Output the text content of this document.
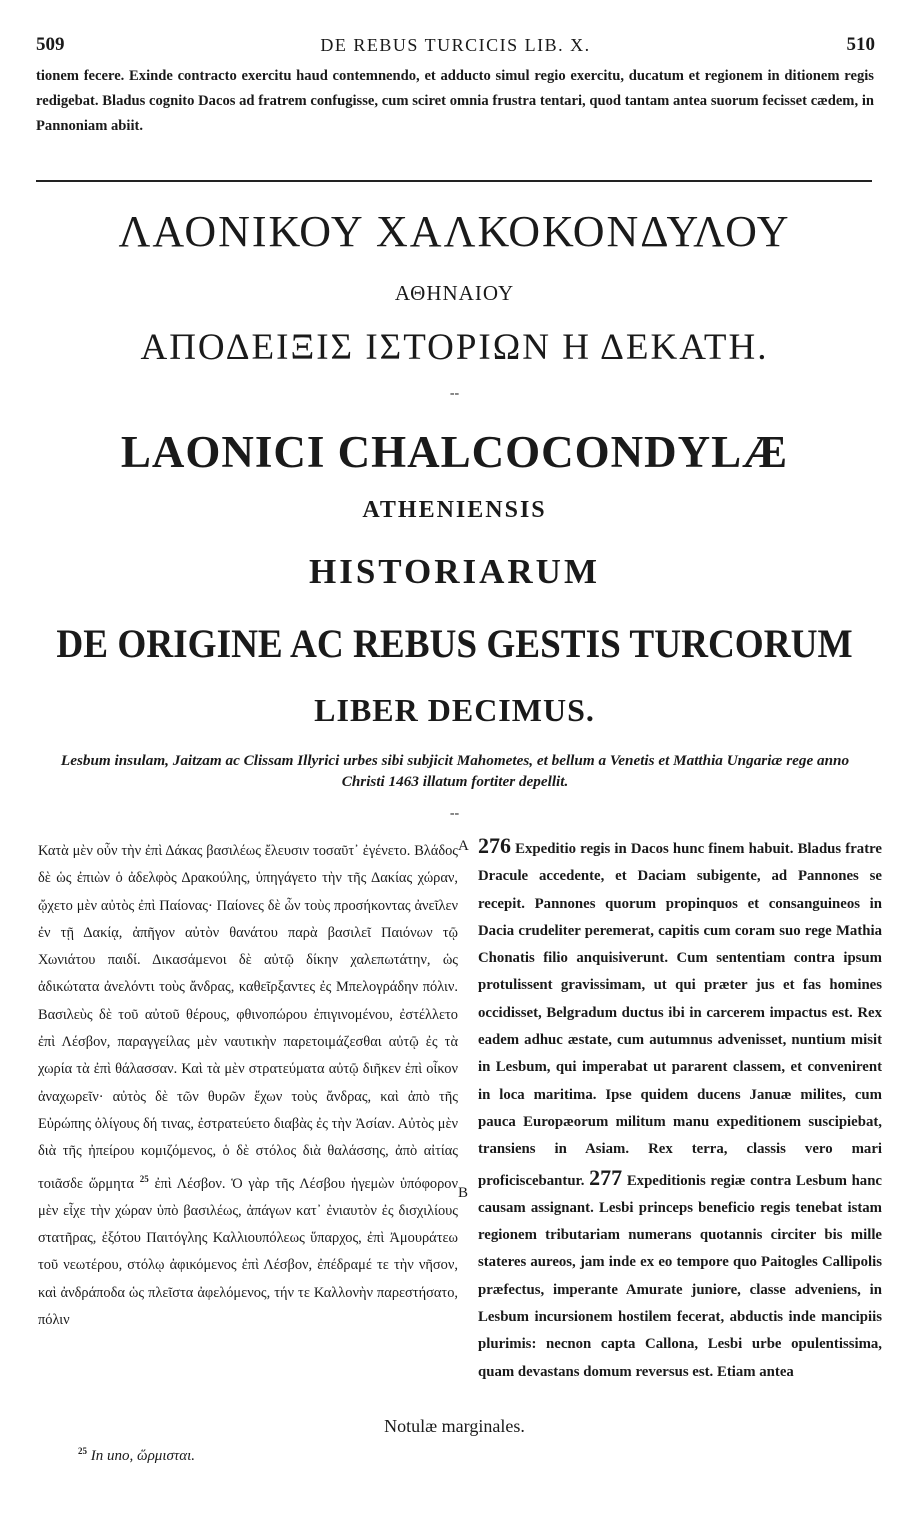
509	DE REBUS TURCICIS LIB. X.	510

tionem fecere. Exinde contracto exercitu haud contemnendo, et adducto simul regio exercitu, ducatum et regionem in ditionem regis redigebat. Bladus cognito Dacos ad fratrem confugisse, cum sciret omnia frustra tentari, quod tantam antea suorum fecisset cædem, in Pannoniam abiit.

ΛΑΟΝΙΚΟΥ ΧΑΛΚΟΚΟΝΔΥΛΟΥ
ΑΘΗΝΑΙΟΥ
ΑΠΟΔΕΙΞΙΣ ΙΣΤΟΡΙΩΝ Η ΔΕΚΑΤΗ.
--
LAONICI CHALCOCONDYLÆ
ATHENIENSIS
HISTORIARUM
DE ORIGINE AC REBUS GESTIS TURCORUM
LIBER DECIMUS.

Lesbum insulam, Jaitzam ac Clissam Illyrici urbes sibi subjicit Mahometes, et bellum a Venetis et Matthia Ungariæ rege anno Christi 1463 illatum fortiter depellit.

--

Κατὰ μὲν οὖν τὴν ἐπὶ Δάκας βασιλέως ἔλευσιν τοσαῦτ᾽ ἐγένετο. Βλάδος δὲ ὡς ἐπιὼν ὁ ἀδελφὸς Δρακούλης, ὑπηγάγετο τὴν τῆς Δακίας χώραν, ᾤχετο μὲν αὐτὸς ἐπὶ Παίονας· Παίονες δὲ ὧν τοὺς προσήκοντας ἀνεῖλεν ἐν τῇ Δακίᾳ, ἀπῆγον αὐτὸν θανάτου παρὰ βασιλεῖ Παιόνων τῷ Χωνιάτου παιδί. Δικασάμενοι δὲ αὐτῷ δίκην χαλεπωτάτην, ὡς ἀδικώτατα ἀνελόντι τοὺς ἄνδρας, καθεῖρξαντες ἐς Μπελογράδην πόλιν. Βασιλεὺς δὲ τοῦ αὐτοῦ θέρους, φθινοπώρου ἐπιγινομένου, ἐστέλλετο ἐπὶ Λέσβον, παραγγείλας μὲν ναυτικὴν παρετοιμάζεσθαι αὐτῷ ἐς τὰ χωρία τὰ ἐπὶ θάλασσαν. Καὶ τὰ μὲν στρατεύματα αὐτῷ διῆκεν ἐπὶ οἶκον ἀναχωρεῖν· αὐτὸς δὲ τῶν θυρῶν ἔχων τοὺς ἄνδρας, καὶ ἀπὸ τῆς Εὐρώπης ὀλίγους δή τινας, ἐστρατεύετο διαβὰς ἐς τὴν Ἀσίαν. Αὐτὸς μὲν διὰ τῆς ἠπείρου κομιζόμενος, ὁ δὲ στόλος διὰ θαλάσσης, ἀπὸ αἰτίας τοιᾶσδε ὥρμητα $^{25}$ ἐπὶ Λέσβον. Ὁ γὰρ τῆς Λέσβου ἡγεμὼν ὑπόφορον μὲν εἶχε τὴν χώραν ὑπὸ βασιλέως, ἀπάγων κατ᾽ ἐνιαυτὸν ἐς δισχιλίους στατῆρας, ἐξότου Παιτόγλης Καλλιουπόλεως ὕπαρχος, ἐπὶ Ἀμουράτεω τοῦ νεωτέρου, στόλῳ ἀφικόμενος ἐπὶ Λέσβον, ἐπέδραμέ τε τὴν νῆσον, καὶ ἀνδράποδα ὡς πλεῖστα ἀφελόμενος, τήν τε Καλλονὴν παρεστήσατο, πόλιν

A
B

276 Expeditio regis in Dacos hunc finem habuit. Bladus fratre Dracule accedente, et Daciam subigente, ad Pannones se recepit. Pannones quorum propinquos et consanguineos in Dacia crudeliter peremerat, capitis cum coram suo rege Mathia Chonatis filio anquisiverunt. Cum sententiam contra ipsum protulissent gravissimam, ut qui præter jus et fas homines occidisset, Belgradum ductus ibi in carcerem impactus est. Rex eadem adhuc æstate, cum autumnus advenisset, nuntium misit in Lesbum, qui imperabat ut pararent classem, et convenirent in loca maritima. Ipse quidem ducens Januæ milites, cum pauca Europæorum militum manu expeditionem suscipiebat, transiens in Asiam. Rex terra, classis vero mari proficiscebantur. 277 Expeditionis regiæ contra Lesbum hanc causam assignant. Lesbi princeps beneficio regis tenebat istam regionem tributariam numerans quotannis circiter bis mille stateres aureos, jam inde ex eo tempore quo Paitogles Callipolis præfectus, imperante Amurate juniore, classe adveniens, in Lesbum incursionem hostilem fecerat, abductis inde mancipiis plurimis: necnon capta Callona, Lesbi urbe opulentissima, quam devastans domum reversus est. Etiam antea

Notulæ marginales.
$^{25}$ In uno, ὥρμισται.
